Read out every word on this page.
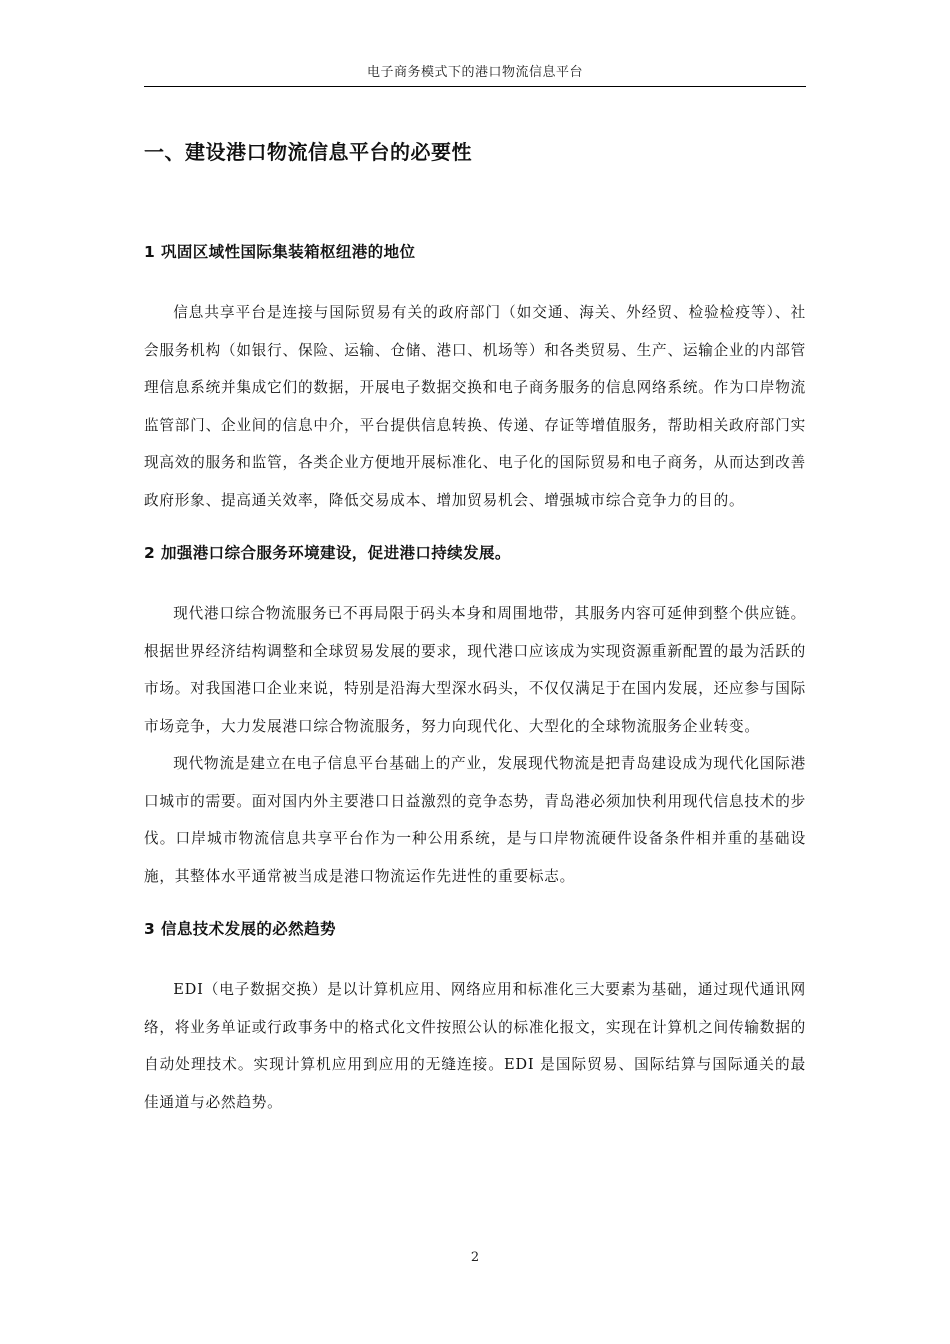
电子商务模式下的港口物流信息平台
一、建设港口物流信息平台的必要性
1 巩固区域性国际集装箱枢纽港的地位

信息共享平台是连接与国际贸易有关的政府部门（如交通、海关、外经贸、检验检疫等）、社会服务机构（如银行、保险、运输、仓储、港口、机场等）和各类贸易、生产、运输企业的内部管理信息系统并集成它们的数据，开展电子数据交换和电子商务服务的信息网络系统。作为口岸物流监管部门、企业间的信息中介，平台提供信息转换、传递、存证等增值服务，帮助相关政府部门实现高效的服务和监管，各类企业方便地开展标准化、电子化的国际贸易和电子商务，从而达到改善政府形象、提高通关效率，降低交易成本、增加贸易机会、增强城市综合竞争力的目的。

2 加强港口综合服务环境建设，促进港口持续发展。

现代港口综合物流服务已不再局限于码头本身和周围地带，其服务内容可延伸到整个供应链。根据世界经济结构调整和全球贸易发展的要求，现代港口应该成为实现资源重新配置的最为活跃的市场。对我国港口企业来说，特别是沿海大型深水码头，不仅仅满足于在国内发展，还应参与国际市场竞争，大力发展港口综合物流服务，努力向现代化、大型化的全球物流服务企业转变。

现代物流是建立在电子信息平台基础上的产业，发展现代物流是把青岛建设成为现代化国际港口城市的需要。面对国内外主要港口日益激烈的竞争态势，青岛港必须加快利用现代信息技术的步伐。口岸城市物流信息共享平台作为一种公用系统，是与口岸物流硬件设备条件相并重的基础设施，其整体水平通常被当成是港口物流运作先进性的重要标志。

3 信息技术发展的必然趋势

EDI（电子数据交换）是以计算机应用、网络应用和标准化三大要素为基础，通过现代通讯网络，将业务单证或行政事务中的格式化文件按照公认的标准化报文，实现在计算机之间传输数据的自动处理技术。实现计算机应用到应用的无缝连接。EDI 是国际贸易、国际结算与国际通关的最佳通道与必然趋势。

2
